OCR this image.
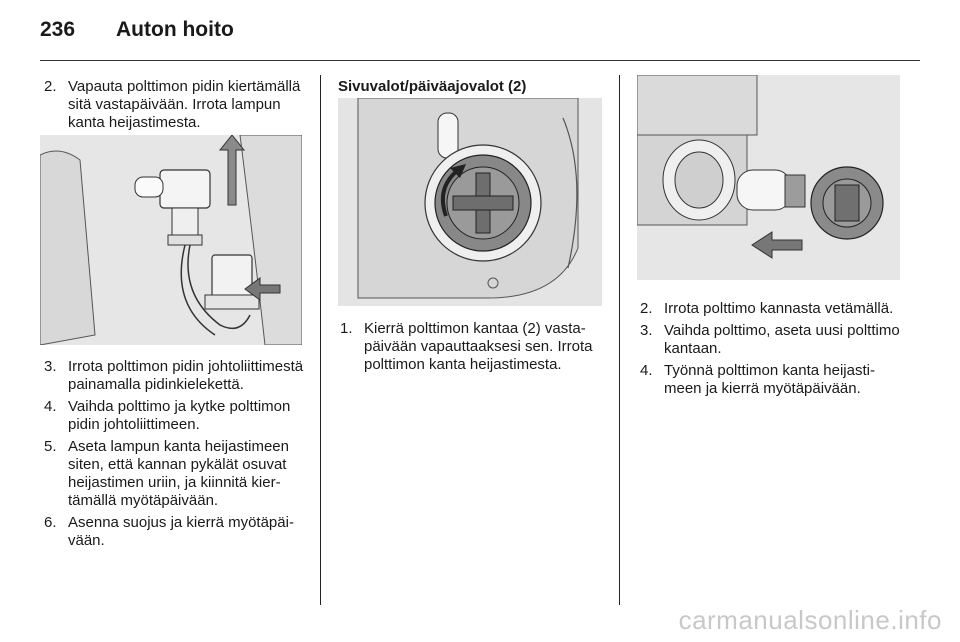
236 Auton hoito
2. Vapauta polttimon pidin kiertämällä sitä vastapäivään. Irrota lampun kanta heijastimesta.
3. Irrota polttimon pidin johtoliittimestä painamalla pidinkielekettä.
4. Vaihda polttimo ja kytke polttimon pidin johtoliittimeen.
5. Aseta lampun kanta heijastimeen siten, että kannan pykälät osuvat heijastimen uriin, ja kiinnitä kiertämällä myötäpäivään.
6. Asenna suojus ja kierrä myötäpäivään.
Sivuvalot/päiväajovalot (2)
1. Kierrä polttimon kantaa (2) vastapäivään vapauttaaksesi sen. Irrota polttimon kanta heijastimesta.
2. Irrota polttimo kannasta vetämällä.
3. Vaihda polttimo, aseta uusi polttimo kantaan.
4. Työnnä polttimon kanta heijastimeen ja kierrä myötäpäivään.
carmanualsonline.info
